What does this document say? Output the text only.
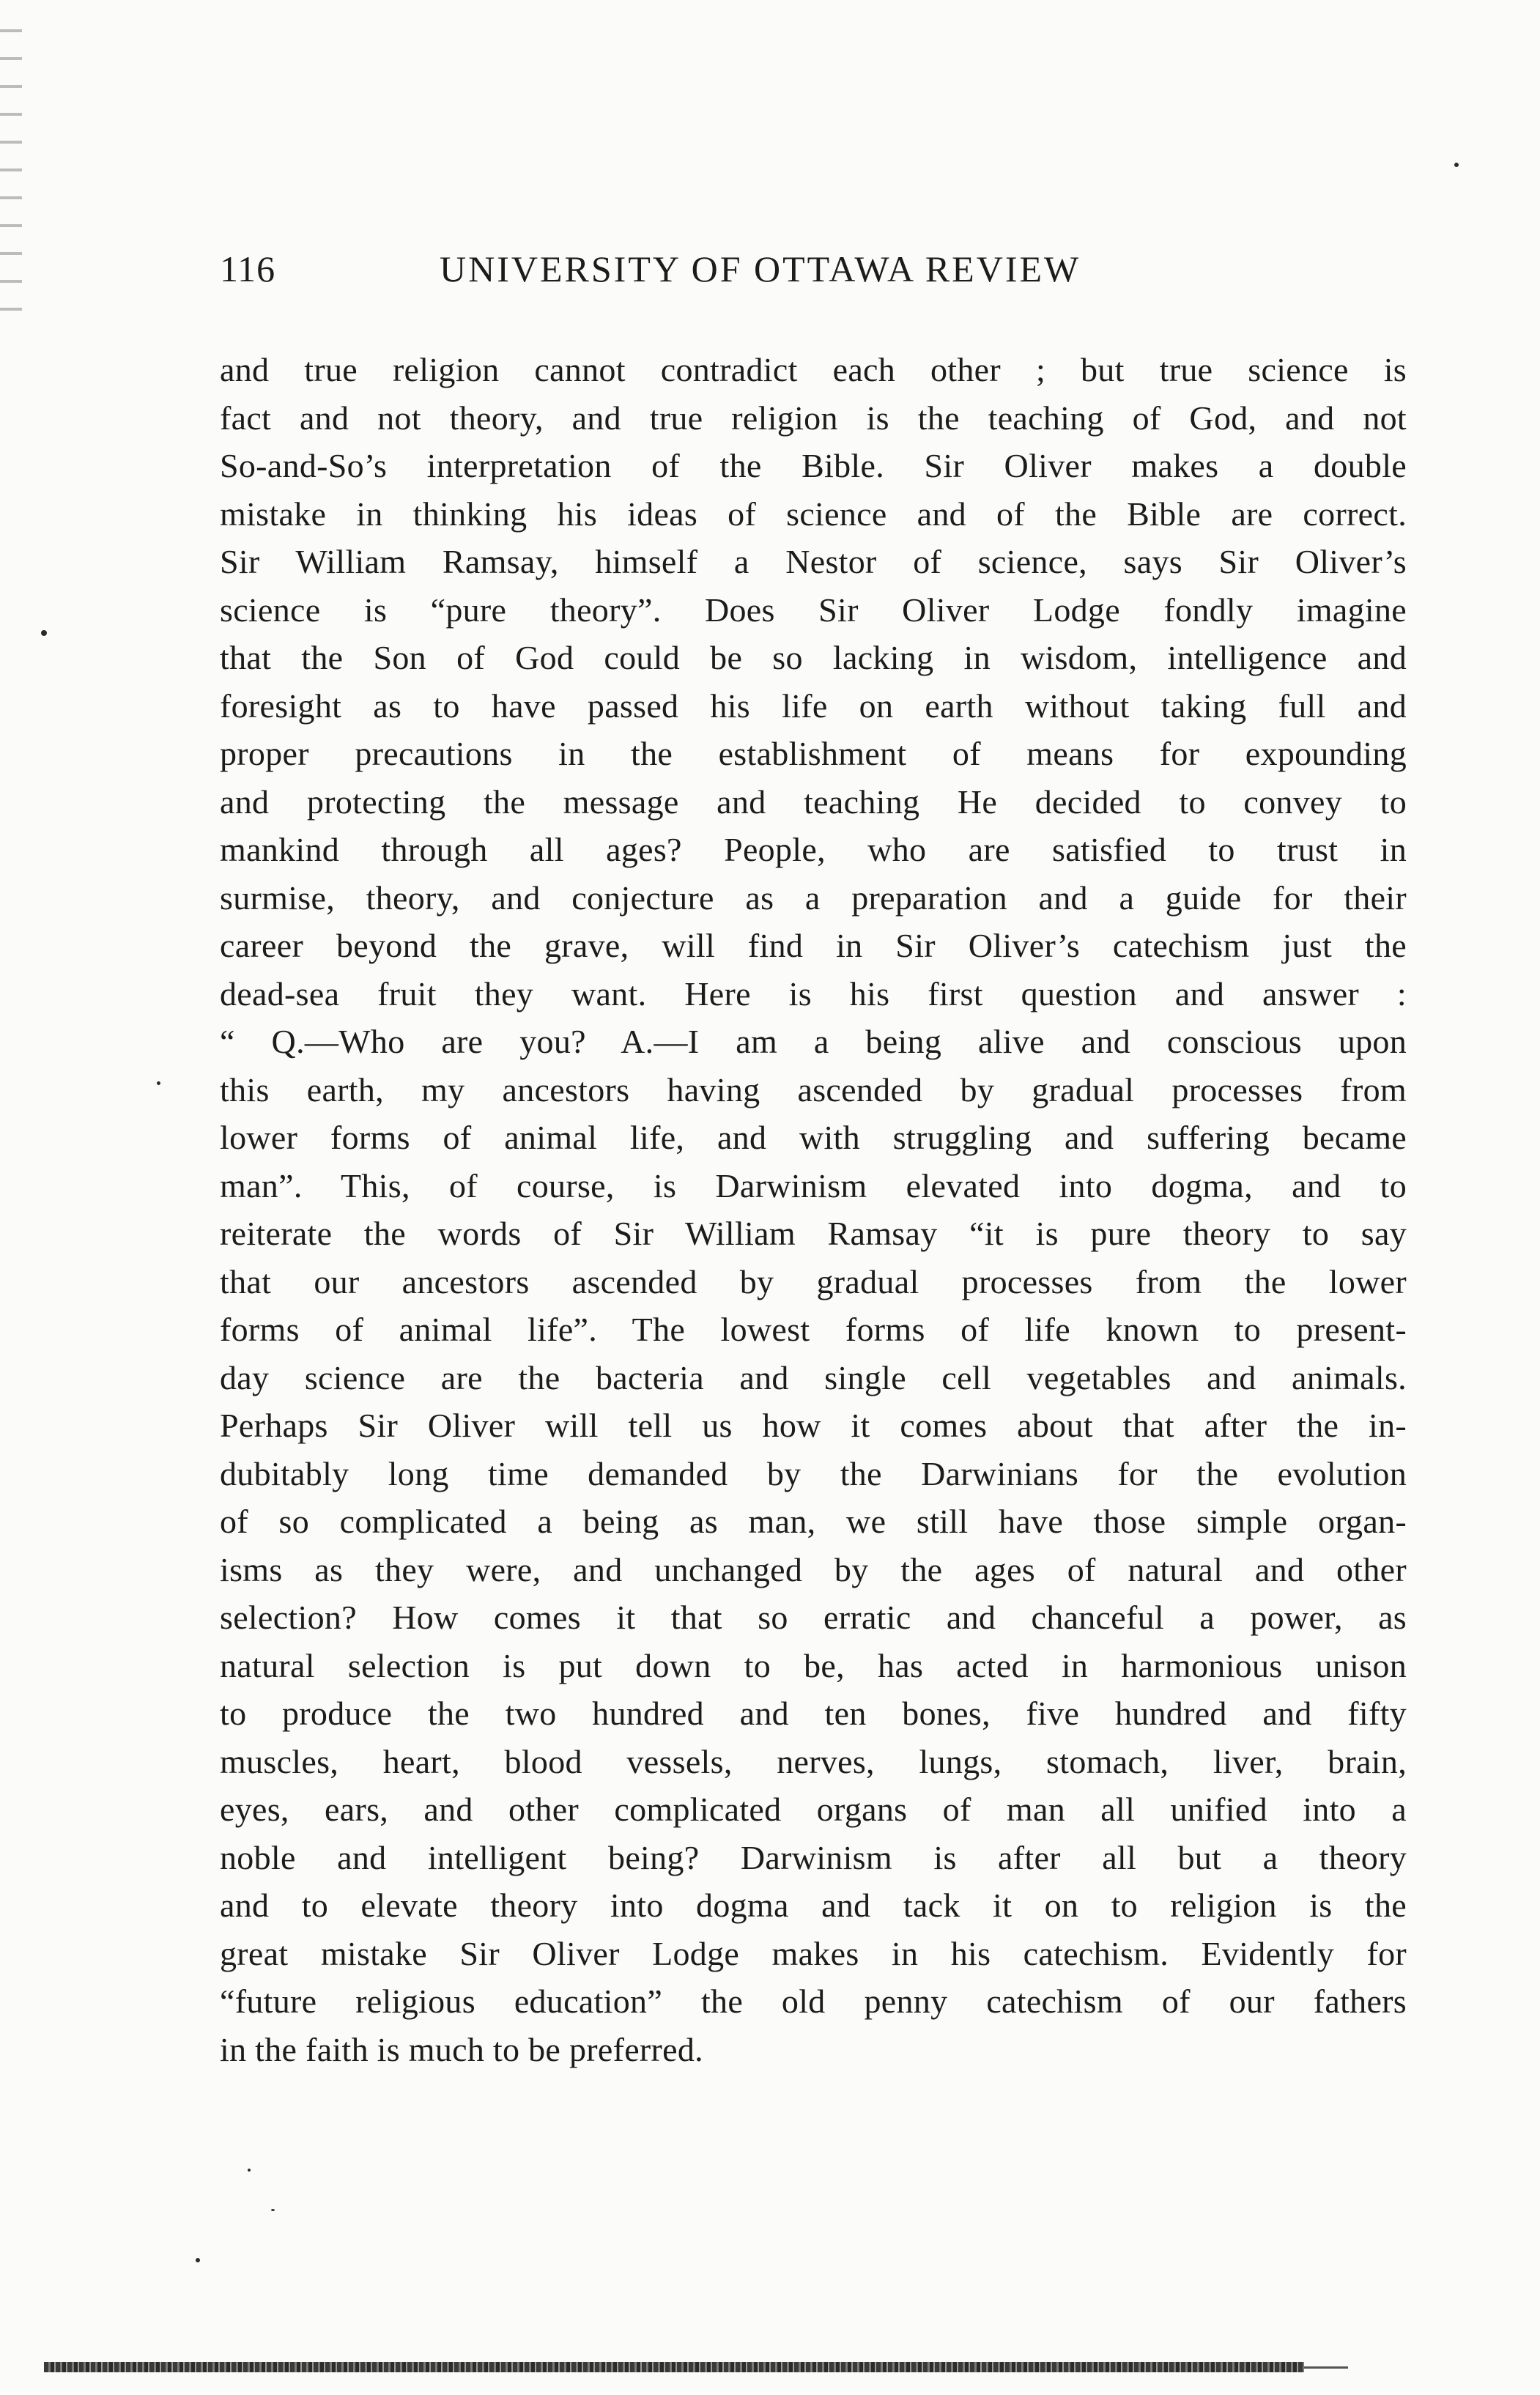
116	UNIVERSITY OF OTTAWA REVIEW
and true religion cannot contradict each other ; but true science is
fact and not theory, and true religion is the teaching of God, and not
So-and-So’s interpretation of the Bible. Sir Oliver makes a double
mistake in thinking his ideas of science and of the Bible are correct.
Sir William Ramsay, himself a Nestor of science, says Sir Oliver’s
science is “pure theory”. Does Sir Oliver Lodge fondly imagine
that the Son of God could be so lacking in wisdom, intelligence and
foresight as to have passed his life on earth without taking full and
proper precautions in the establishment of means for expounding
and protecting the message and teaching He decided to convey to
mankind through all ages? People, who are satisfied to trust in
surmise, theory, and conjecture as a preparation and a guide for their
career beyond the grave, will find in Sir Oliver’s catechism just the
dead-sea fruit they want. Here is his first question and answer :
“ Q.—Who are you? A.—I am a being alive and conscious upon
this earth, my ancestors having ascended by gradual processes from
lower forms of animal life, and with struggling and suffering became
man”. This, of course, is Darwinism elevated into dogma, and to
reiterate the words of Sir William Ramsay “it is pure theory to say
that our ancestors ascended by gradual processes from the lower
forms of animal life”. The lowest forms of life known to present-
day science are the bacteria and single cell vegetables and animals.
Perhaps Sir Oliver will tell us how it comes about that after the in-
dubitably long time demanded by the Darwinians for the evolution
of so complicated a being as man, we still have those simple organ-
isms as they were, and unchanged by the ages of natural and other
selection? How comes it that so erratic and chanceful a power, as
natural selection is put down to be, has acted in harmonious unison
to produce the two hundred and ten bones, five hundred and fifty
muscles, heart, blood vessels, nerves, lungs, stomach, liver, brain,
eyes, ears, and other complicated organs of man all unified into a
noble and intelligent being? Darwinism is after all but a theory
and to elevate theory into dogma and tack it on to religion is the
great mistake Sir Oliver Lodge makes in his catechism. Evidently for
“future religious education” the old penny catechism of our fathers
in the faith is much to be preferred.
